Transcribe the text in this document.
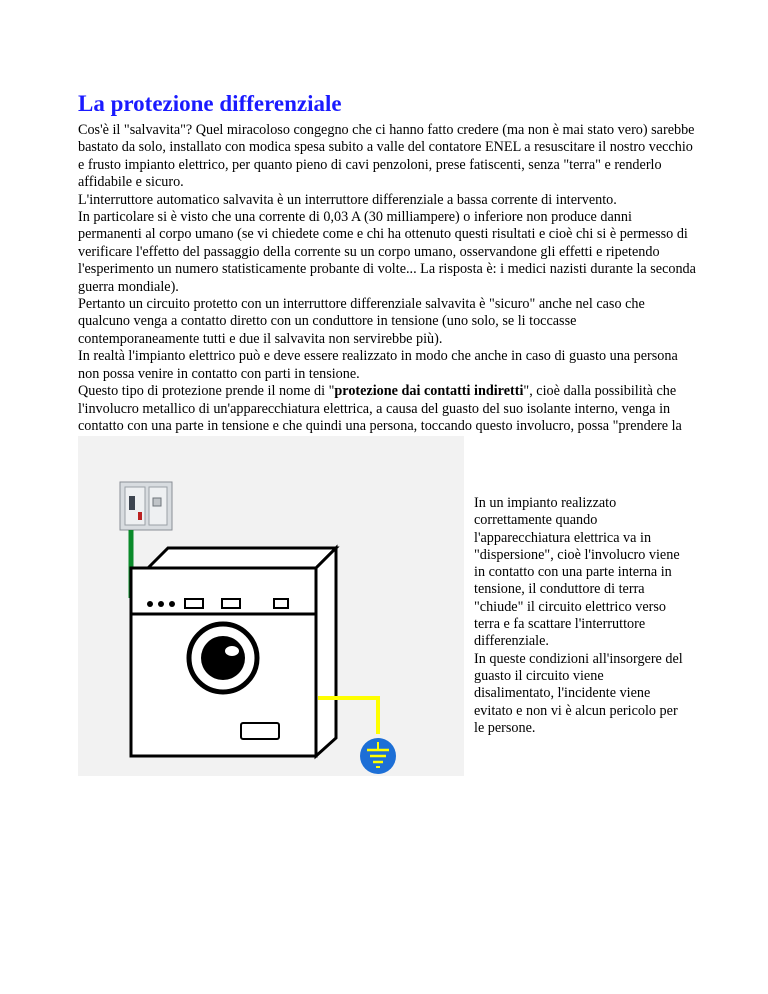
La protezione differenziale

Cos'è il "salvavita"? Quel miracoloso congegno che ci hanno fatto credere (ma non è mai stato vero) sarebbe bastato da solo, installato con modica spesa subito a valle del contatore ENEL a resuscitare il nostro vecchio e frusto impianto elettrico, per quanto pieno di cavi penzoloni, prese fatiscenti, senza "terra" e renderlo affidabile e sicuro.

L'interruttore automatico salvavita è un interruttore differenziale a bassa corrente di intervento.

In particolare si è visto che una corrente di 0,03 A (30 milliampere) o inferiore non produce danni permanenti al corpo umano (se vi chiedete come e chi ha ottenuto questi risultati e cioè chi si è permesso di verificare l'effetto del passaggio della corrente su un corpo umano, osservandone gli effetti e ripetendo l'esperimento un numero statisticamente probante di volte... La risposta è: i medici nazisti durante la seconda guerra mondiale).

Pertanto un circuito protetto con un interruttore differenziale salvavita è "sicuro" anche nel caso che qualcuno venga a contatto diretto con un conduttore in tensione (uno solo, se li toccasse contemporaneamente tutti e due il salvavita non servirebbe più).

In realtà l'impianto elettrico può e deve essere realizzato in modo che anche in caso di guasto una persona non possa venire in contatto con parti in tensione.

Questo tipo di protezione prende il nome di "protezione dai contatti indiretti", cioè dalla possibilità che l'involucro metallico di un'apparecchiatura elettrica, a causa del guasto del suo isolante interno, venga in contatto con una parte in tensione e che quindi una persona, toccando questo involucro, possa "prendere la

In un impianto realizzato correttamente quando l'apparecchiatura elettrica va in "dispersione", cioè l'involucro viene in contatto con una parte interna in tensione, il conduttore di terra "chiude" il circuito elettrico verso terra e fa scattare l'interruttore differenziale.

In queste condizioni all'insorgere del guasto il circuito viene disalimentato, l'incidente viene evitato e non vi è alcun pericolo per le persone.
